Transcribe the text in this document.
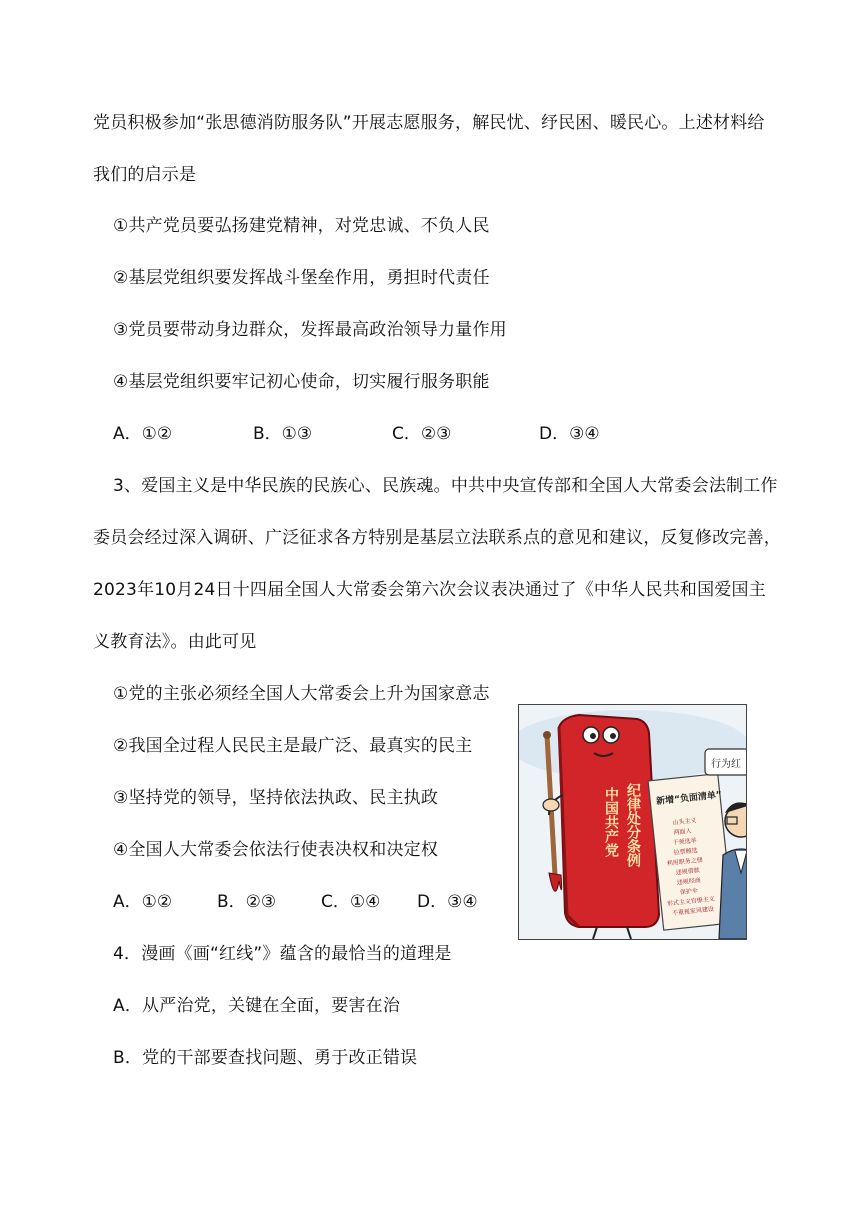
党员积极参加“张思德消防服务队”开展志愿服务，解民忧、纾民困、暖民心。上述材料给
我们的启示是
①共产党员要弘扬建党精神，对党忠诚、不负人民
②基层党组织要发挥战斗堡垒作用，勇担时代责任
③党员要带动身边群众，发挥最高政治领导力量作用
④基层党组织要牢记初心使命，切实履行服务职能
A．①②	B．①③	C．②③	D．③④
3、爱国主义是中华民族的民族心、民族魂。中共中央宣传部和全国人大常委会法制工作
委员会经过深入调研、广泛征求各方特别是基层立法联系点的意见和建议，反复修改完善，
2023年10月24日十四届全国人大常委会第六次会议表决通过了《中华人民共和国爱国主
义教育法》。由此可见
①党的主张必须经全国人大常委会上升为国家意志
②我国全过程人民民主是最广泛、最真实的民主
③坚持党的领导，坚持依法执政、民主执政
④全国人大常委会依法行使表决权和决定权
A．①②	B．②③	C．①④ D．③④
中国共产党 纪律处分条例 新增“负面清单”
山头主义
两面人
干预选举
拉票贿选
利用职务之便
违规借款
违规经商
保护伞
形式主义官僚主义
不重视家风建设
行为红
4．漫画《画“红线”》蕴含的最恰当的道理是
A．从严治党，关键在全面，要害在治
B．党的干部要查找问题、勇于改正错误
